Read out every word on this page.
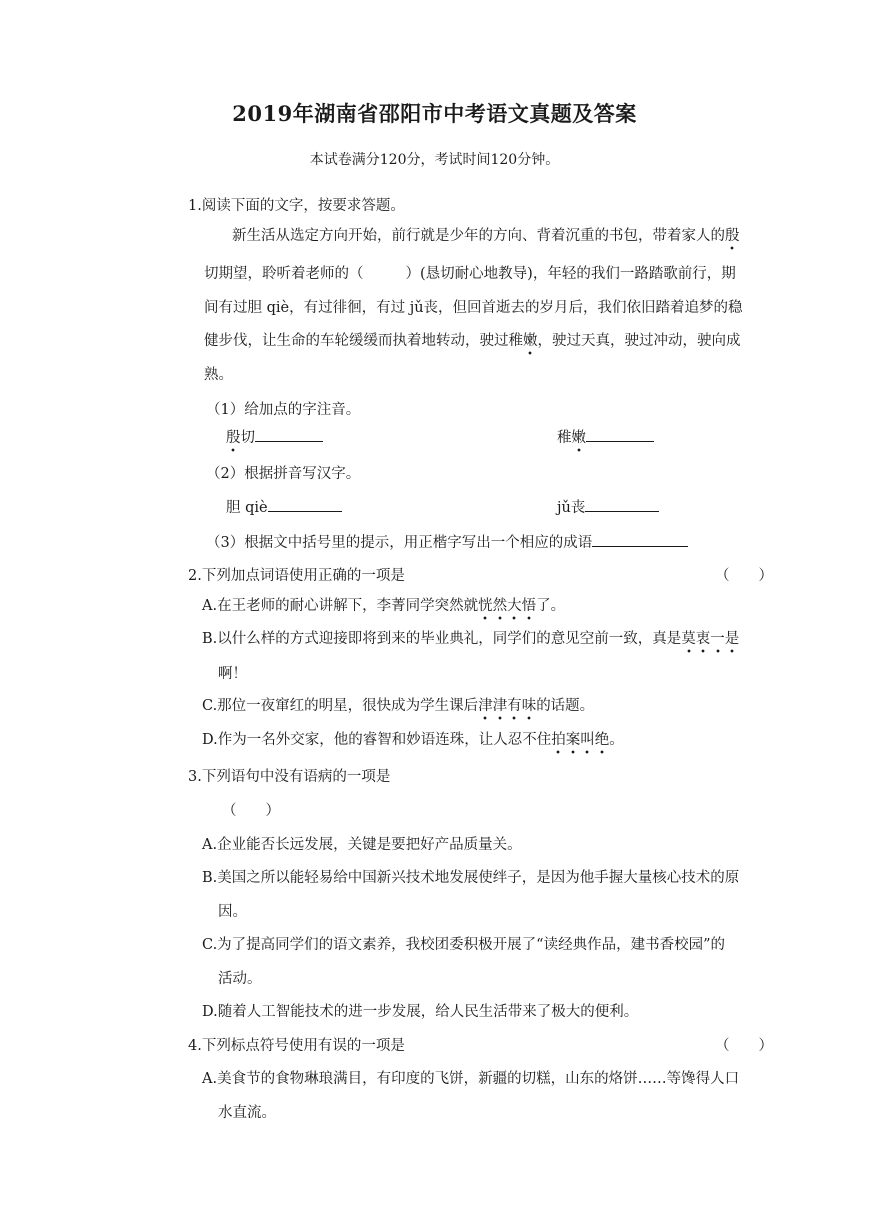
2019年湖南省邵阳市中考语文真题及答案
本试卷满分120分，考试时间120分钟。
1.阅读下面的文字，按要求答题。
新生活从选定方向开始，前行就是少年的方向、背着沉重的书包，带着家人的殷
切期望，聆听着老师的（	）(恳切耐心地教导)，年轻的我们一路踏歌前行，期
间有过胆 qiè，有过徘徊，有过 jǔ丧，但回首逝去的岁月后，我们依旧踏着追梦的稳
健步伐，让生命的车轮缓缓而执着地转动，驶过稚嫩，驶过天真，驶过冲动，驶向成
熟。
（1）给加点的字注音。
殷切	稚嫩
（2）根据拼音写汉字。
胆 qiè	jǔ丧
（3）根据文中括号里的提示，用正楷字写出一个相应的成语
2.下列加点词语使用正确的一项是	（　　）
A.在王老师的耐心讲解下，李菁同学突然就恍然大悟了。
B.以什么样的方式迎接即将到来的毕业典礼，同学们的意见空前一致，真是莫衷一是
啊！
C.那位一夜窜红的明星，很快成为学生课后津津有味的话题。
D.作为一名外交家，他的睿智和妙语连珠，让人忍不住拍案叫绝。
3.下列语句中没有语病的一项是
（　　）
A.企业能否长远发展，关键是要把好产品质量关。
B.美国之所以能轻易给中国新兴技术地发展使绊子，是因为他手握大量核心技术的原
因。
C.为了提高同学们的语文素养，我校团委积极开展了“读经典作品，建书香校园”的
活动。
D.随着人工智能技术的进一步发展，给人民生活带来了极大的便利。
4.下列标点符号使用有误的一项是	（　　）
A.美食节的食物琳琅满目，有印度的飞饼，新疆的切糕，山东的烙饼……等馋得人口
水直流。
